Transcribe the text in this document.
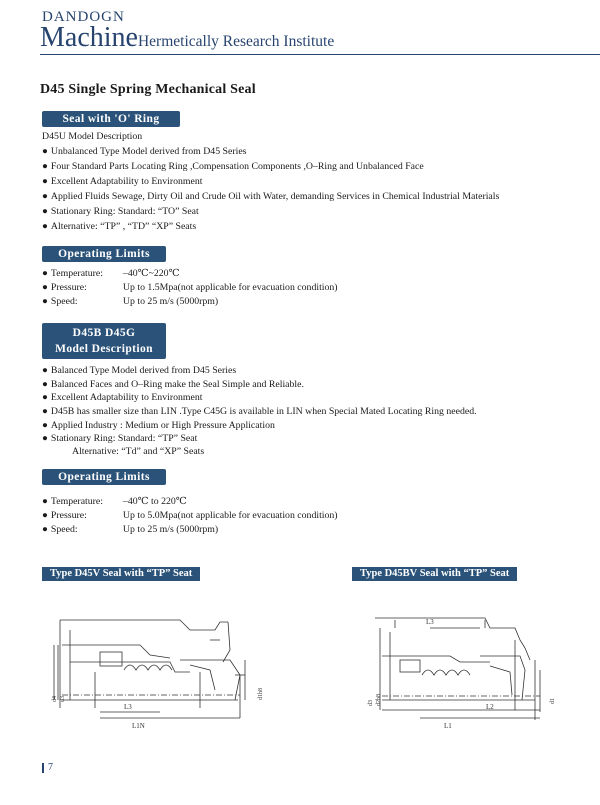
DANDOGN
MachineHermetically Research Institute
D45 Single Spring Mechanical Seal
Seal with 'O' Ring
D45U Model Description
● Unbalanced Type Model derived from D45 Series
● Four Standard Parts Locating Ring ,Compensation Components ,O–Ring and Unbalanced Face
● Excellent Adaptability to Environment
● Applied Fluids Sewage, Dirty Oil and Crude Oil with Water, demanding Services in Chemical Industrial Materials
● Stationary Ring: Standard: “TO” Seat
● Alternative: “TP” , “TD” “XP” Seats
Operating Limits
● Temperature: –40℃~220℃
● Pressure:	Up to 1.5Mpa(not applicable for evacuation condition)
● Speed:	Up to 25 m/s (5000rpm)
D45B D45G
Model Description
● Balanced Type Model derived from D45 Series
● Balanced Faces and O–Ring make the Seal Simple and Reliable.
● Excellent Adaptability to Environment
● D45B has smaller size than LIN .Type C45G is available in LIN when Special Mated Locating Ring needed.
● Applied Industry : Medium or High Pressure Application
● Stationary Ring: Standard: “TP” Seat
Alternative: “Td” and “XP” Seats
Operating Limits
● Temperature: –40℃ to 220℃
● Pressure:	Up to 5.0Mpa(not applicable for evacuation condition)
● Speed:	Up to 25 m/s (5000rpm)
Type D45V Seal with “TP” Seat	Type D45BV Seal with “TP” Seat
d4 d3
L3
L1N
d1h8
L3
d3 d2h8
L2
L1
d1
7
